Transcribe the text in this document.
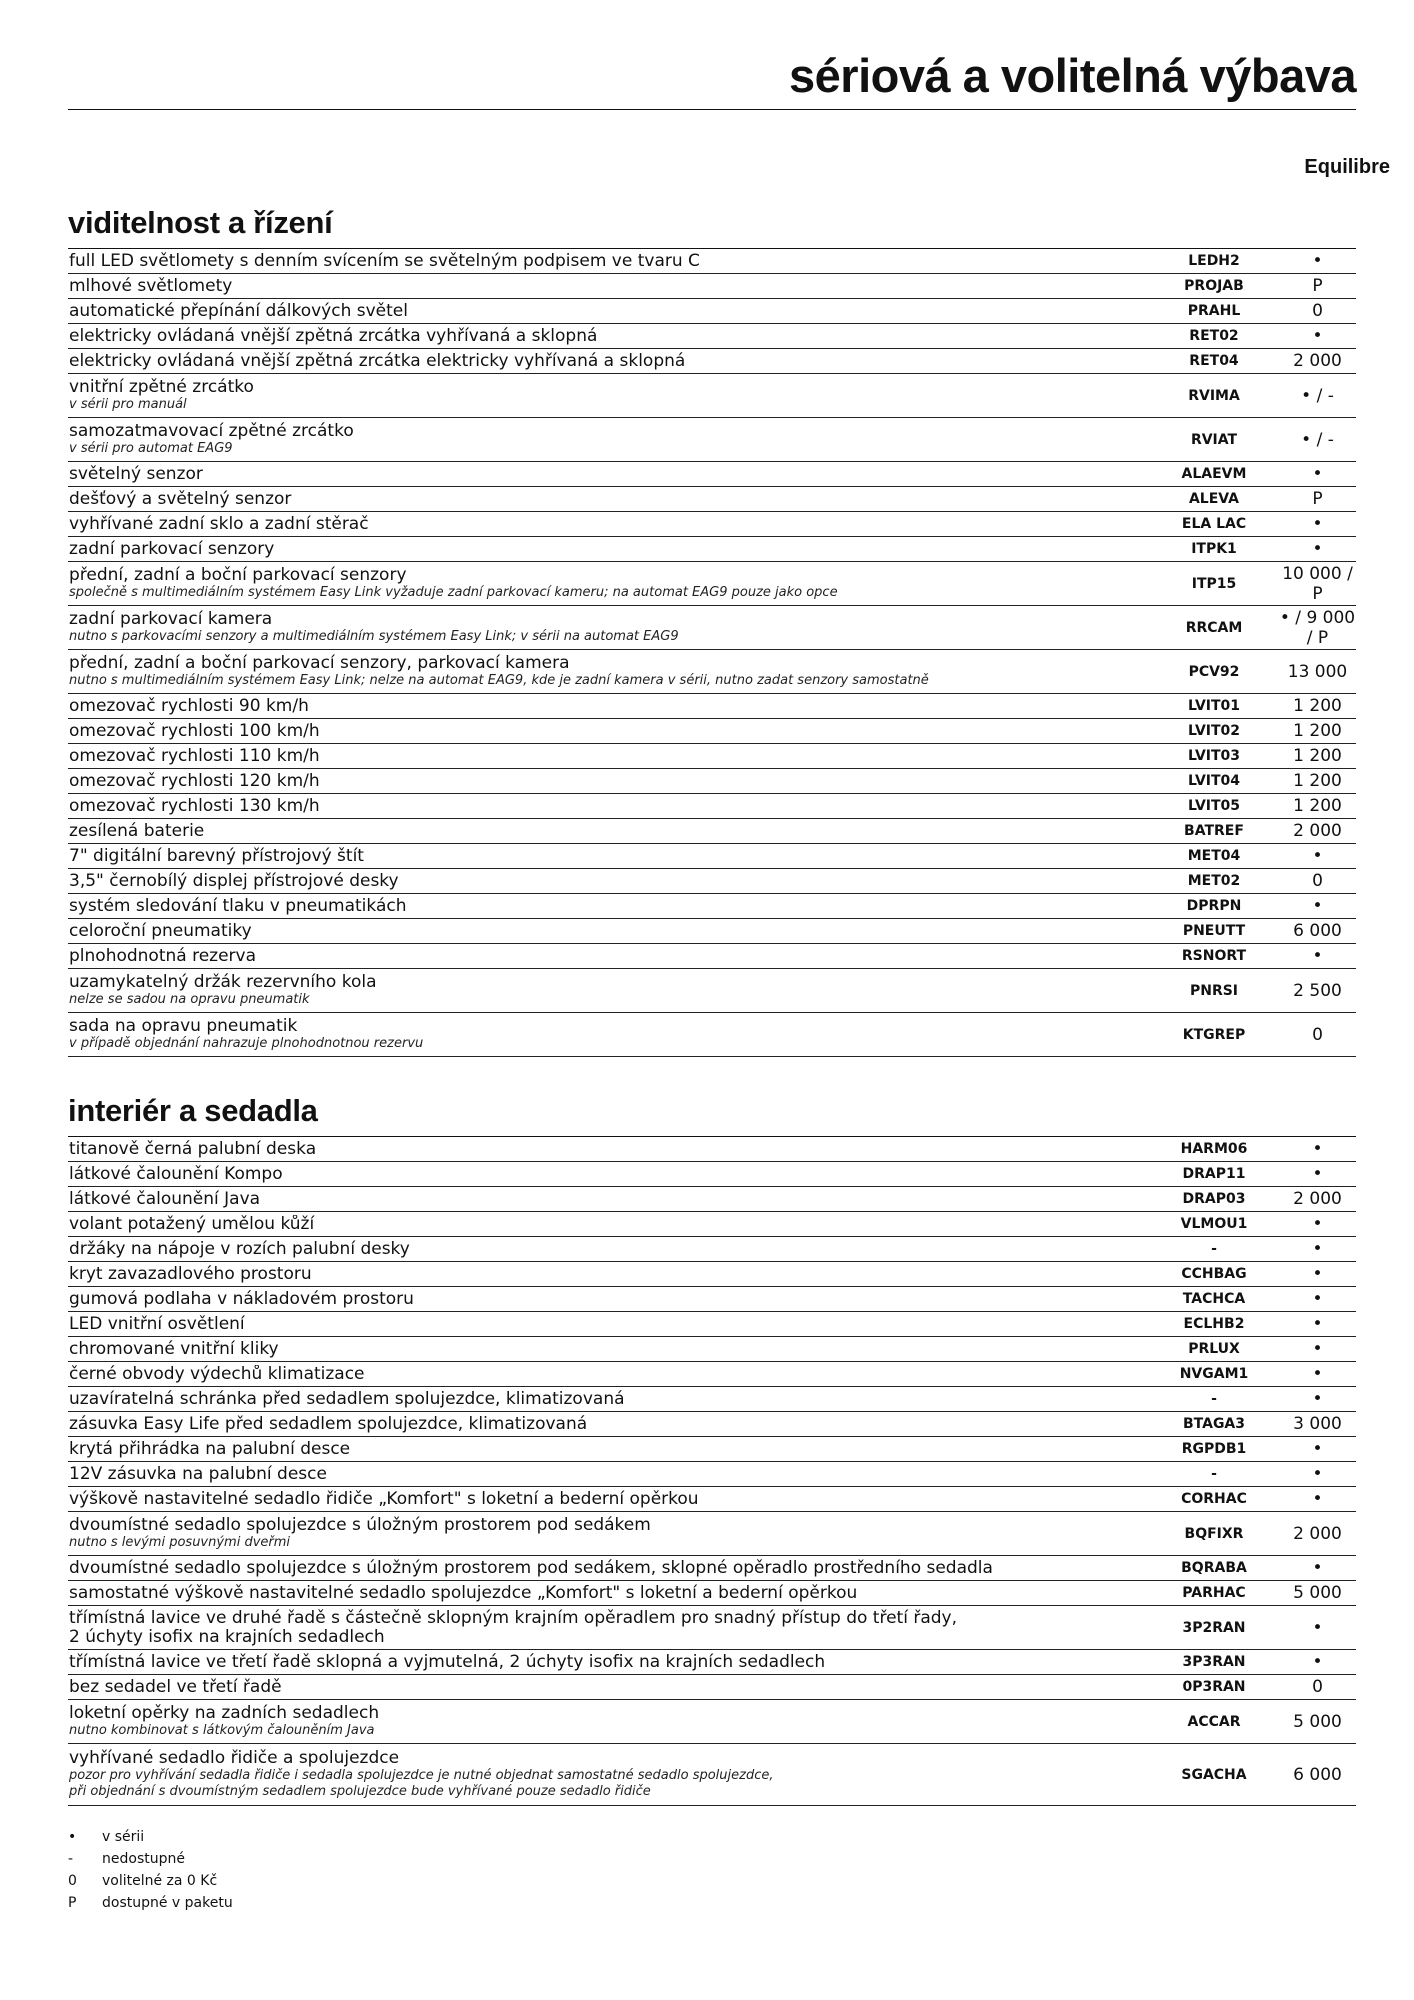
sériová a volitelná výbava
Equilibre
viditelnost a řízení
full LED světlomety s denním svícením se světelným podpisem ve tvaru C	LEDH2	•
mlhové světlomety	PROJAB	P
automatické přepínání dálkových světel	PRAHL	0
elektricky ovládaná vnější zpětná zrcátka vyhřívaná a sklopná	RET02	•
elektricky ovládaná vnější zpětná zrcátka elektricky vyhřívaná a sklopná	RET04	2 000
vnitřní zpětné zrcátko
v sérii pro manuál
RVIMA	• / -
samozatmavovací zpětné zrcátko
v sérii pro automat EAG9
RVIAT	• / -
světelný senzor	ALAEVM	•
dešťový a světelný senzor	ALEVA	P
vyhřívané zadní sklo a zadní stěrač	ELA LAC	•
zadní parkovací senzory	ITPK1	•
přední, zadní a boční parkovací senzory
společně s multimediálním systémem Easy Link vyžaduje zadní parkovací kameru; na automat EAG9 pouze jako opce
ITP15	10 000 / P
zadní parkovací kamera
nutno s parkovacími senzory a multimediálním systémem Easy Link; v sérii na automat EAG9
RRCAM	• / 9 000 / P
přední, zadní a boční parkovací senzory, parkovací kamera
nutno s multimediálním systémem Easy Link; nelze na automat EAG9, kde je zadní kamera v sérii, nutno zadat senzory samostatně
PCV92	13 000
omezovač rychlosti 90 km/h	LVIT01	1 200
omezovač rychlosti 100 km/h	LVIT02	1 200
omezovač rychlosti 110 km/h	LVIT03	1 200
omezovač rychlosti 120 km/h	LVIT04	1 200
omezovač rychlosti 130 km/h	LVIT05	1 200
zesílená baterie	BATREF	2 000
7" digitální barevný přístrojový štít	MET04	•
3,5" černobílý displej přístrojové desky	MET02	0
systém sledování tlaku v pneumatikách	DPRPN	•
celoroční pneumatiky	PNEUTT	6 000
plnohodnotná rezerva	RSNORT	•
uzamykatelný držák rezervního kola
nelze se sadou na opravu pneumatik
PNRSI	2 500
sada na opravu pneumatik
v případě objednání nahrazuje plnohodnotnou rezervu
KTGREP	0
interiér a sedadla
titanově černá palubní deska	HARM06	•
látkové čalounění Kompo	DRAP11	•
látkové čalounění Java	DRAP03	2 000
volant potažený umělou kůží	VLMOU1	•
držáky na nápoje v rozích palubní desky	-	•
kryt zavazadlového prostoru	CCHBAG	•
gumová podlaha v nákladovém prostoru	TACHCA	•
LED vnitřní osvětlení	ECLHB2	•
chromované vnitřní kliky	PRLUX	•
černé obvody výdechů klimatizace	NVGAM1	•
uzavíratelná schránka před sedadlem spolujezdce, klimatizovaná	-	•
zásuvka Easy Life před sedadlem spolujezdce, klimatizovaná	BTAGA3	3 000
krytá přihrádka na palubní desce	RGPDB1	•
12V zásuvka na palubní desce	-	•
výškově nastavitelné sedadlo řidiče „Komfort" s loketní a bederní opěrkou	CORHAC	•
dvoumístné sedadlo spolujezdce s úložným prostorem pod sedákem
nutno s levými posuvnými dveřmi
BQFIXR	2 000
dvoumístné sedadlo spolujezdce s úložným prostorem pod sedákem, sklopné opěradlo prostředního sedadla	BQRABA	•
samostatné výškově nastavitelné sedadlo spolujezdce „Komfort" s loketní a bederní opěrkou	PARHAC	5 000
třímístná lavice ve druhé řadě s částečně sklopným krajním opěradlem pro snadný přístup do třetí řady,
2 úchyty isofix na krajních sedadlech	3P2RAN	•
třímístná lavice ve třetí řadě sklopná a vyjmutelná, 2 úchyty isofix na krajních sedadlech	3P3RAN	•
bez sedadel ve třetí řadě	0P3RAN	0
loketní opěrky na zadních sedadlech
nutno kombinovat s látkovým čalouněním Java
ACCAR	5 000
vyhřívané sedadlo řidiče a spolujezdce
pozor pro vyhřívání sedadla řidiče i sedadla spolujezdce je nutné objednat samostatné sedadlo spolujezdce,
při objednání s dvoumístným sedadlem spolujezdce bude vyhřívané pouze sedadlo řidiče
SGACHA	6 000
•	v sérii
-	nedostupné
0	volitelné za 0 Kč
P	dostupné v paketu
